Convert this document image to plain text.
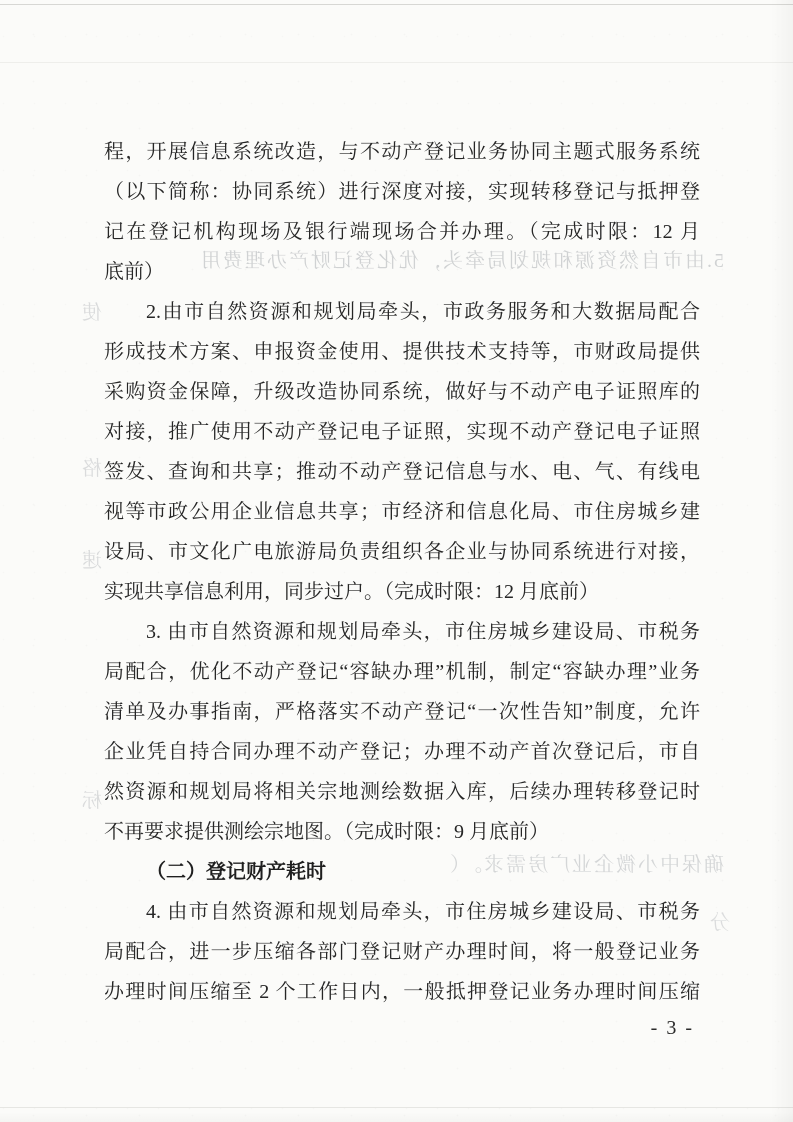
5.由市自然资源和规划局牵头，优化登记财产办理费用
确保中小微企业广房需求。（
分
使
格
速
标
程，开展信息系统改造，与不动产登记业务协同主题式服务系统
（以下简称：协同系统）进行深度对接，实现转移登记与抵押登
记在登记机构现场及银行端现场合并办理。（完成时限：12 月
底前）
2.由市自然资源和规划局牵头，市政务服务和大数据局配合
形成技术方案、申报资金使用、提供技术支持等，市财政局提供
采购资金保障，升级改造协同系统，做好与不动产电子证照库的
对接，推广使用不动产登记电子证照，实现不动产登记电子证照
签发、查询和共享；推动不动产登记信息与水、电、气、有线电
视等市政公用企业信息共享；市经济和信息化局、市住房城乡建
设局、市文化广电旅游局负责组织各企业与协同系统进行对接，
实现共享信息利用，同步过户。（完成时限：12 月底前）
3. 由市自然资源和规划局牵头，市住房城乡建设局、市税务
局配合，优化不动产登记“容缺办理”机制，制定“容缺办理”业务
清单及办事指南，严格落实不动产登记“一次性告知”制度，允许
企业凭自持合同办理不动产登记；办理不动产首次登记后，市自
然资源和规划局将相关宗地测绘数据入库，后续办理转移登记时
不再要求提供测绘宗地图。（完成时限：9 月底前）
（二）登记财产耗时
4. 由市自然资源和规划局牵头，市住房城乡建设局、市税务
局配合，进一步压缩各部门登记财产办理时间，将一般登记业务
办理时间压缩至 2 个工作日内，一般抵押登记业务办理时间压缩
- 3 -
